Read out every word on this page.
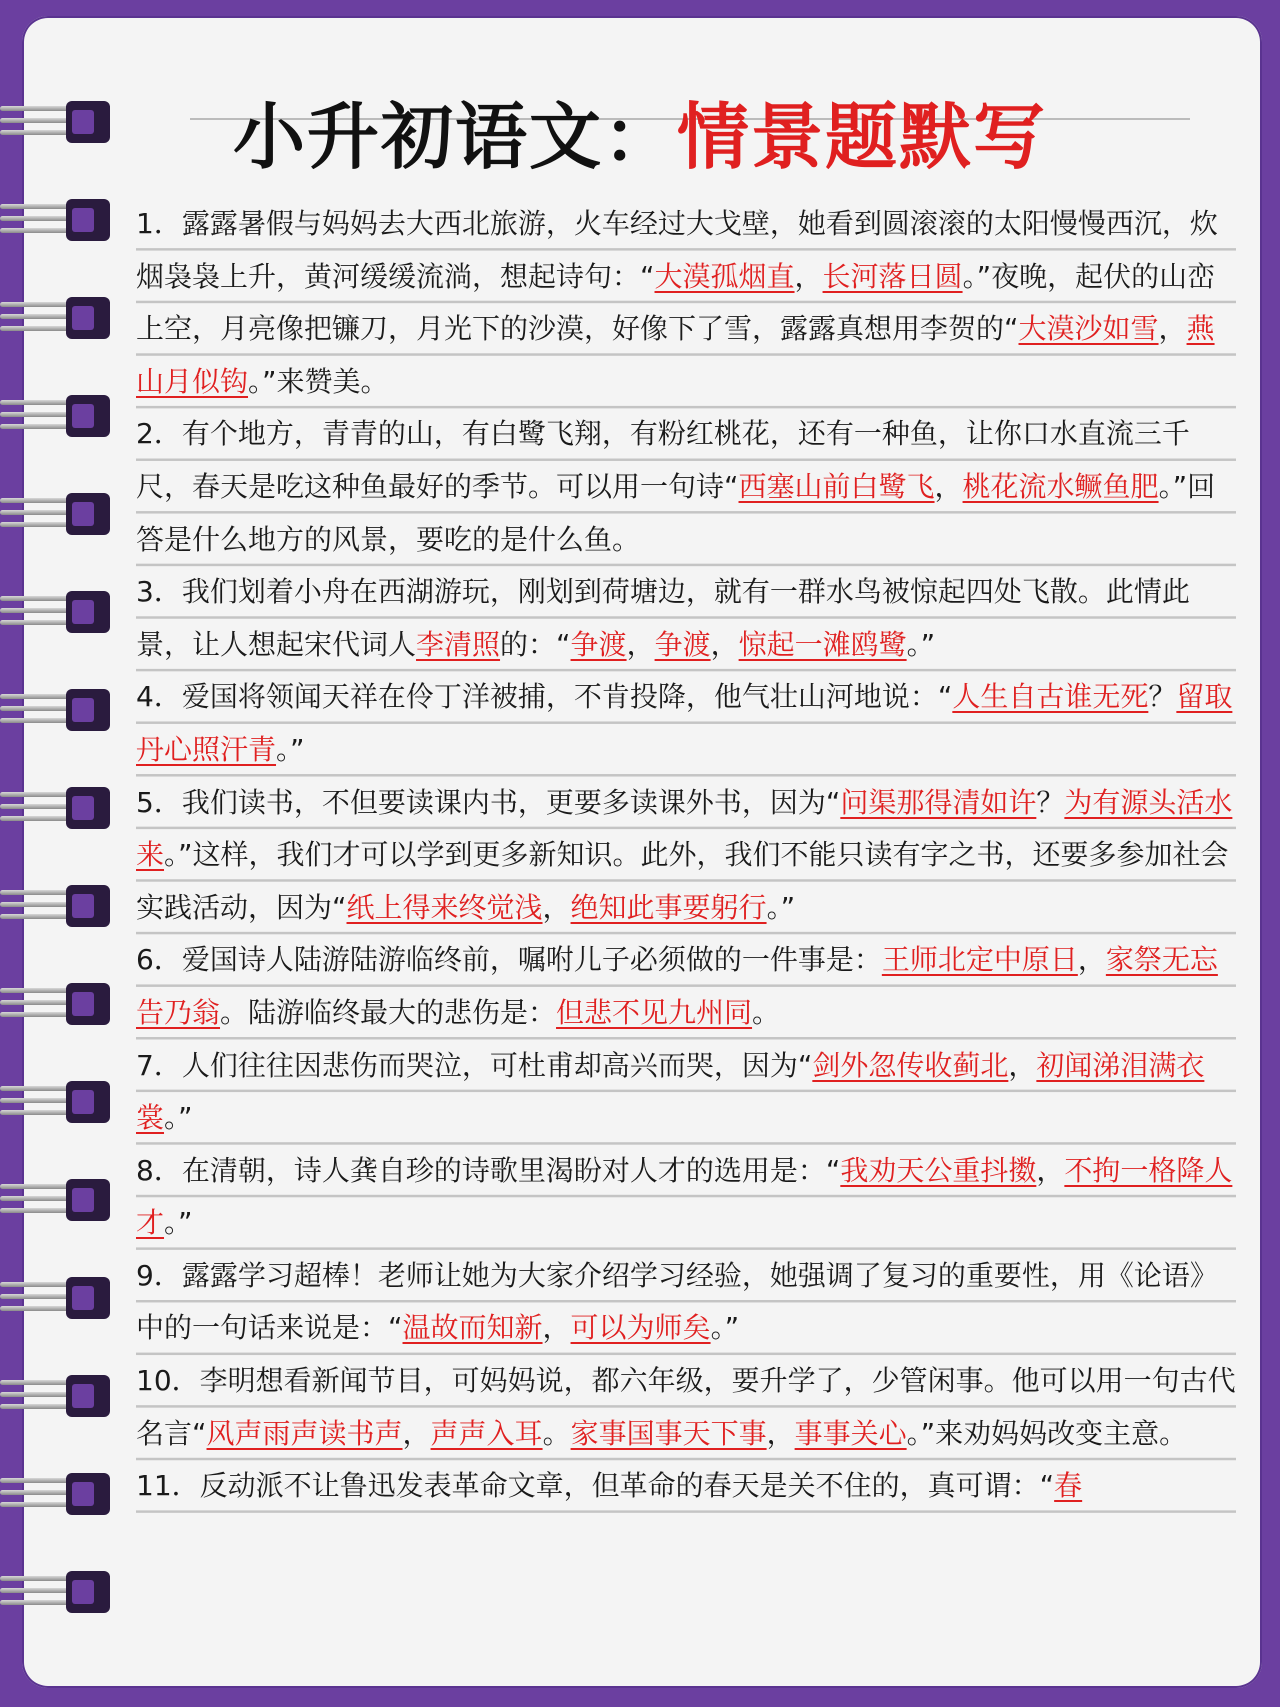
小升初语文：情景题默写

1．露露暑假与妈妈去大西北旅游，火车经过大戈壁，她看到圆滚滚的太阳慢慢西沉，炊烟袅袅上升，黄河缓缓流淌，想起诗句：“大漠孤烟直，长河落日圆。”夜晚，起伏的山峦上空，月亮像把镰刀，月光下的沙漠，好像下了雪，露露真想用李贺的“大漠沙如雪，燕山月似钩。”来赞美。

2．有个地方，青青的山，有白鹭飞翔，有粉红桃花，还有一种鱼，让你口水直流三千尺，春天是吃这种鱼最好的季节。可以用一句诗“西塞山前白鹭飞，桃花流水鳜鱼肥。”回答是什么地方的风景，要吃的是什么鱼。

3．我们划着小舟在西湖游玩，刚划到荷塘边，就有一群水鸟被惊起四处飞散。此情此景，让人想起宋代词人李清照的：“争渡，争渡，惊起一滩鸥鹭。”

4．爱国将领闻天祥在伶丁洋被捕，不肯投降，他气壮山河地说：“人生自古谁无死？留取丹心照汗青。”

5．我们读书，不但要读课内书，更要多读课外书，因为“问渠那得清如许？为有源头活水来。”这样，我们才可以学到更多新知识。此外，我们不能只读有字之书，还要多参加社会实践活动，因为“纸上得来终觉浅，绝知此事要躬行。”

6．爱国诗人陆游陆游临终前，嘱咐儿子必须做的一件事是：王师北定中原日，家祭无忘告乃翁。陆游临终最大的悲伤是：但悲不见九州同。

7．人们往往因悲伤而哭泣，可杜甫却高兴而哭，因为“剑外忽传收蓟北，初闻涕泪满衣裳。”

8．在清朝，诗人龚自珍的诗歌里渴盼对人才的选用是：“我劝天公重抖擞，不拘一格降人才。”

9．露露学习超棒！老师让她为大家介绍学习经验，她强调了复习的重要性，用《论语》中的一句话来说是：“温故而知新，可以为师矣。”

10．李明想看新闻节目，可妈妈说，都六年级，要升学了，少管闲事。他可以用一句古代名言“风声雨声读书声，声声入耳。家事国事天下事，事事关心。”来劝妈妈改变主意。

11．反动派不让鲁迅发表革命文章，但革命的春天是关不住的，真可谓：“春
